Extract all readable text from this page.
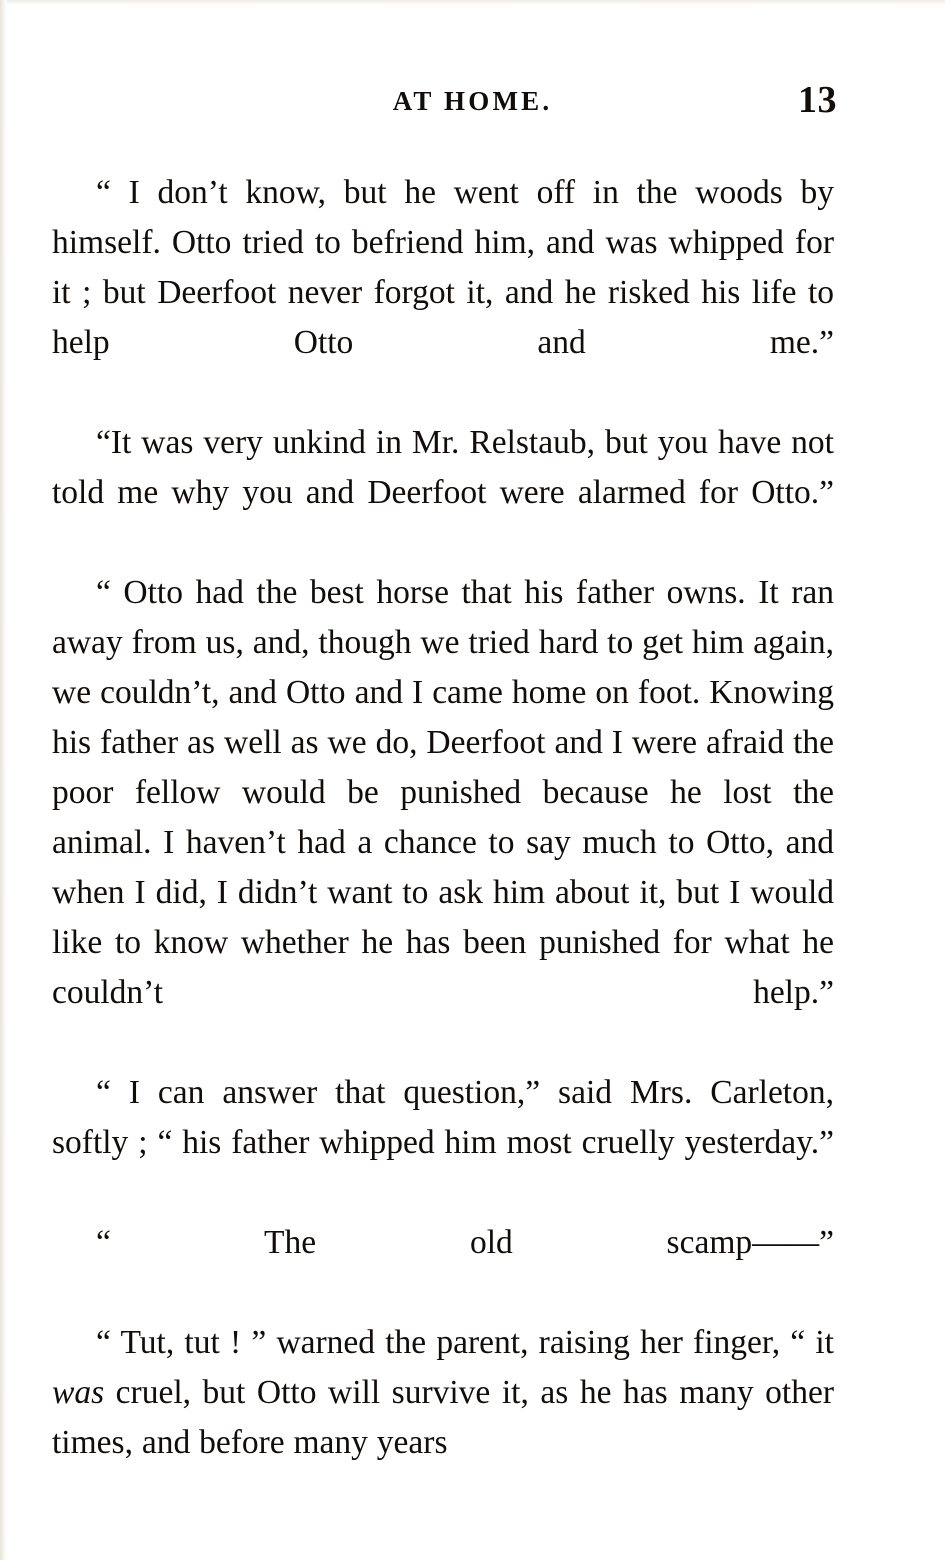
AT HOME.	13

“ I don’t know, but he went off in the woods by himself. Otto tried to befriend him, and was whipped for it ; but Deerfoot never forgot it, and he risked his life to help Otto and me.”

“It was very unkind in Mr. Relstaub, but you have not told me why you and Deerfoot were alarmed for Otto.”

“ Otto had the best horse that his father owns. It ran away from us, and, though we tried hard to get him again, we couldn’t, and Otto and I came home on foot. Knowing his father as well as we do, Deerfoot and I were afraid the poor fellow would be punished because he lost the animal. I haven’t had a chance to say much to Otto, and when I did, I didn’t want to ask him about it, but I would like to know whether he has been punished for what he couldn’t help.”

“ I can answer that question,” said Mrs. Carleton, softly ; “ his father whipped him most cruelly yesterday.”

“ The old scamp——”

“ Tut, tut ! ” warned the parent, raising her finger, “ it was cruel, but Otto will survive it, as he has many other times, and before many years
